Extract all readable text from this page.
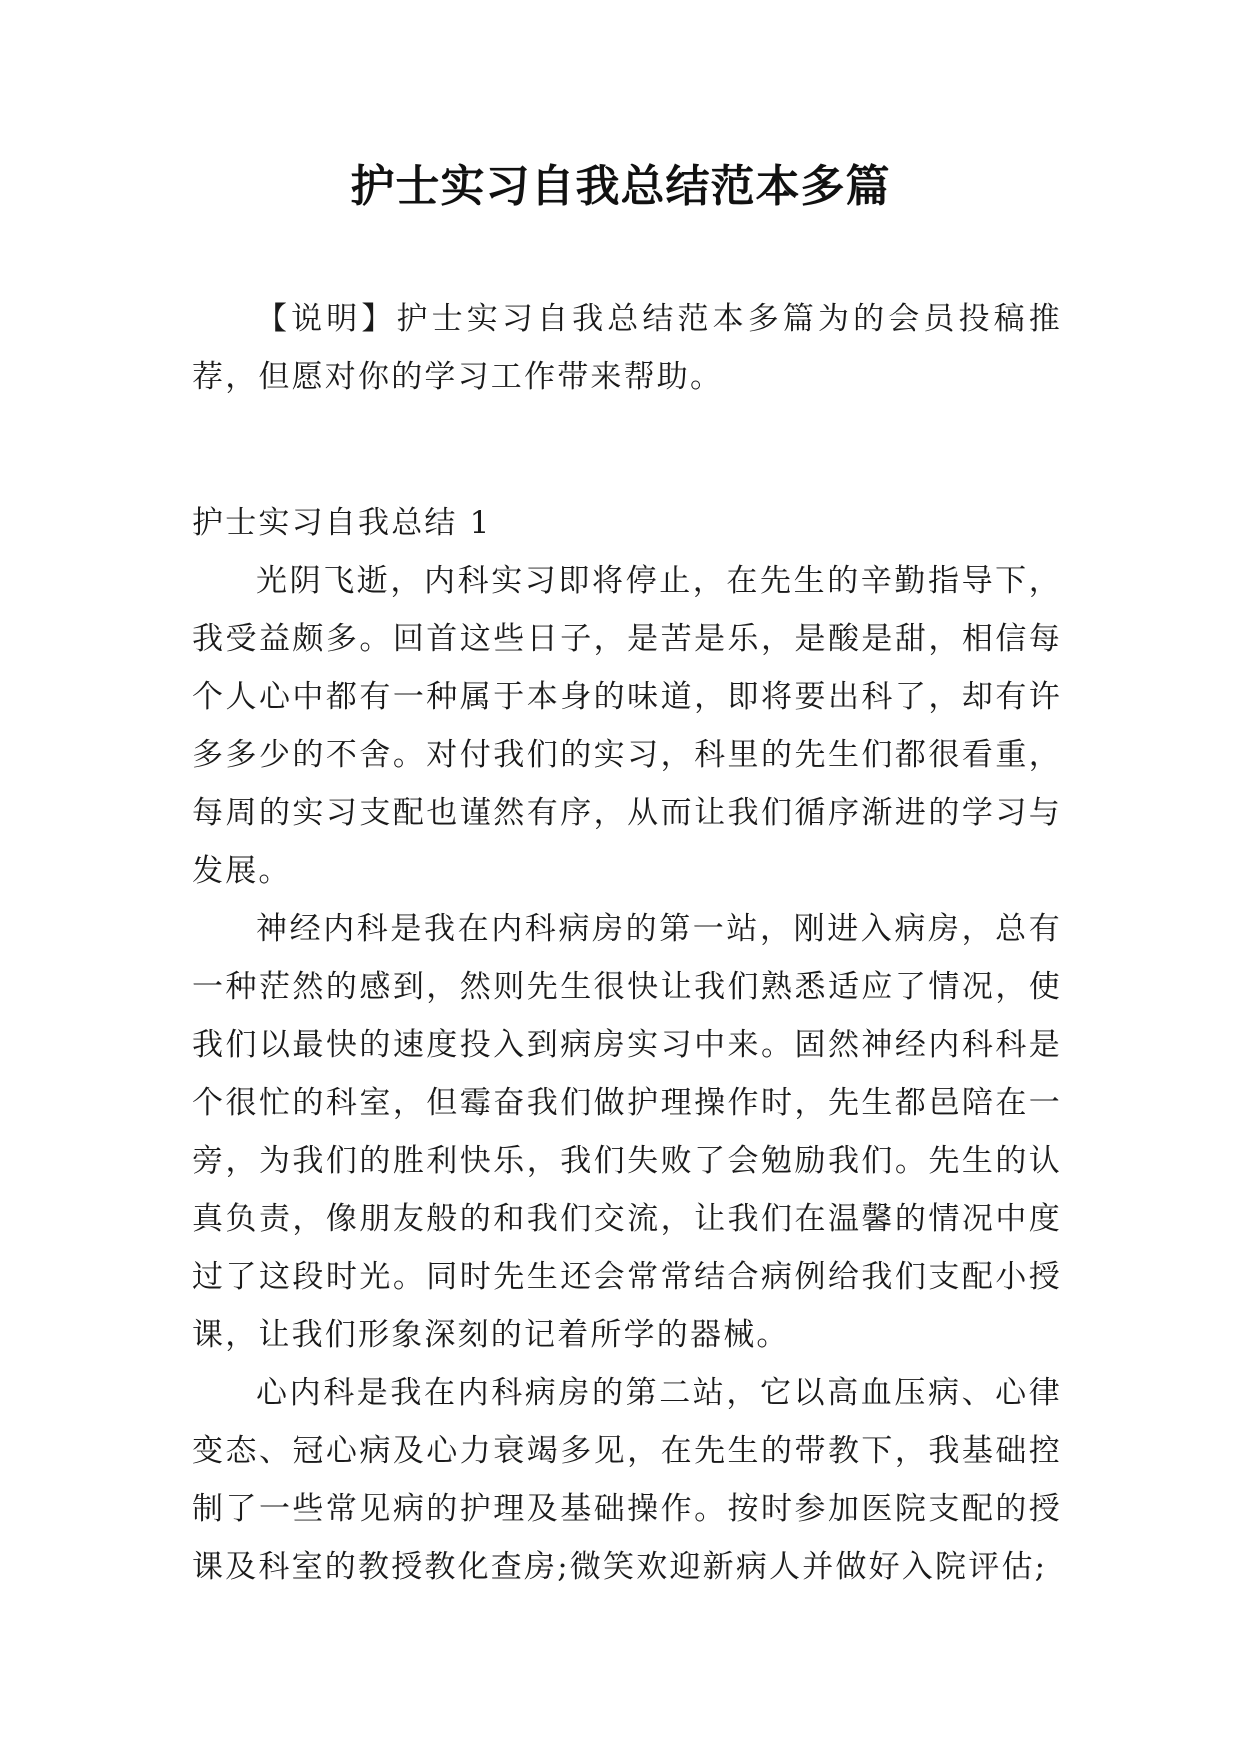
护士实习自我总结范本多篇

【说明】护士实习自我总结范本多篇为的会员投稿推荐，但愿对你的学习工作带来帮助。

护士实习自我总结 1

光阴飞逝，内科实习即将停止，在先生的辛勤指导下，我受益颇多。回首这些日子，是苦是乐，是酸是甜，相信每个人心中都有一种属于本身的味道，即将要出科了，却有许多多少的不舍。对付我们的实习，科里的先生们都很看重，每周的实习支配也谨然有序，从而让我们循序渐进的学习与发展。

神经内科是我在内科病房的第一站，刚进入病房，总有一种茫然的感到，然则先生很快让我们熟悉适应了情况，使我们以最快的速度投入到病房实习中来。固然神经内科科是个很忙的科室，但霉奋我们做护理操作时，先生都邑陪在一旁，为我们的胜利快乐，我们失败了会勉励我们。先生的认真负责，像朋友般的和我们交流，让我们在温馨的情况中度过了这段时光。同时先生还会常常结合病例给我们支配小授课，让我们形象深刻的记着所学的器械。

心内科是我在内科病房的第二站，它以高血压病、心律变态、冠心病及心力衰竭多见，在先生的带教下，我基础控制了一些常见病的护理及基础操作。按时参加医院支配的授课及科室的教授教化查房;微笑欢迎新病人并做好入院评估;
